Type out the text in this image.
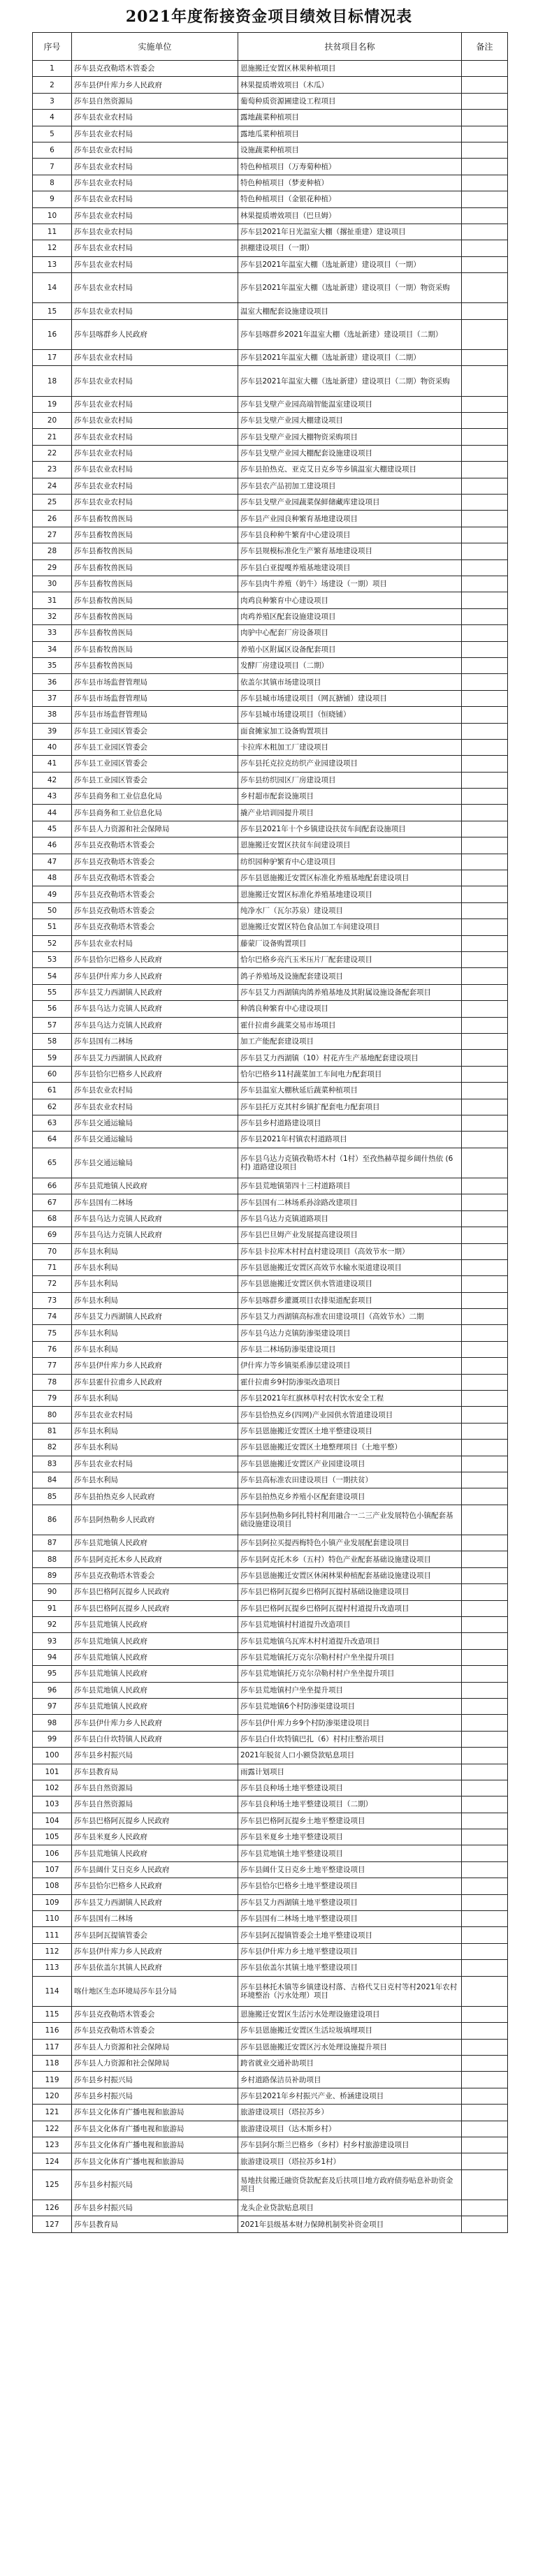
2021年度衔接资金项目绩效目标情况表
序号	实施单位	扶贫项目名称	备注
1	莎车县克孜勒塔木管委会	恩施搬迁安置区林果种植项目	
2	莎车县伊什库力乡人民政府	林果提质增效项目（木瓜）	
3	莎车县自然资源局	葡萄种质资源圃建设工程项目	
4	莎车县农业农村局	露地蔬菜种植项目	
5	莎车县农业农村局	露地瓜菜种植项目	
6	莎车县农业农村局	设施蔬菜种植项目	
7	莎车县农业农村局	特色种植项目（万寿菊种植）	
8	莎车县农业农村局	特色种植项目（梦麦种植）	
9	莎车县农业农村局	特色种植项目（金银花种植）	
10	莎车县农业农村局	林果提质增效项目（巴旦姆）	
11	莎车县农业农村局	莎车县2021年日光温室大棚（撂扯重建）建设项目	
12	莎车县农业农村局	拱棚建设项目（一期）	
13	莎车县农业农村局	莎车县2021年温室大棚（选址新建）建设项目（一期）	
14	莎车县农业农村局	莎车县2021年温室大棚（选址新建）建设项目（一期）物资采购	
15	莎车县农业农村局	温室大棚配套设施建设项目	
16	莎车县喀群乡人民政府	莎车县喀群乡2021年温室大棚（选址新建）建设项目（二期）	
17	莎车县农业农村局	莎车县2021年温室大棚（选址新建）建设项目（二期）	
18	莎车县农业农村局	莎车县2021年温室大棚（选址新建）建设项目（二期）物资采购	
19	莎车县农业农村局	莎车县戈壁产业园高端智能温室建设项目	
20	莎车县农业农村局	莎车县戈壁产业园大棚建设项目	
21	莎车县农业农村局	莎车县戈壁产业园大棚物资采购项目	
22	莎车县农业农村局	莎车县戈壁产业园大棚配套设施建设项目	
23	莎车县农业农村局	莎车县拍热克、亚克艾日克乡等乡镇温室大棚建设项目	
24	莎车县农业农村局	莎车县农产品初加工建设项目	
25	莎车县农业农村局	莎车县戈壁产业园蔬菜保鲜储藏库建设项目	
26	莎车县畜牧兽医局	莎车县产业园良种繁育基地建设项目	
27	莎车县畜牧兽医局	莎车县良种种牛繁育中心建设项目	
28	莎车县畜牧兽医局	莎车县规模标准化生产繁育基地建设项目	
29	莎车县畜牧兽医局	莎车县白亚提嘎养殖基地建设项目	
30	莎车县畜牧兽医局	莎车县肉牛养殖（奶牛）场建设（一期）项目	
31	莎车县畜牧兽医局	肉鸡良种繁育中心建设项目	
32	莎车县畜牧兽医局	肉鸡养殖区配套设施建设项目	
33	莎车县畜牧兽医局	肉驴中心配套厂房设备项目	
34	莎车县畜牧兽医局	养殖小区附属区设备配套项目	
35	莎车县畜牧兽医局	发酵厂房建设项目（二期）	
36	莎车县市场监督管理局	依盖尔其镇市场建设项目	
37	莎车县市场监督管理局	莎车县城市场建设项目（网瓦搪铺）建设项目	
38	莎车县市场监督管理局	莎车县城市场建设项目（恒晓铺）	
39	莎车县工业园区管委会	面食摊家加工设备购置项目	
40	莎车县工业园区管委会	卡拉库木粗加工厂建设项目	
41	莎车县工业园区管委会	莎车县托克拉克纺织产业园建设项目	
42	莎车县工业园区管委会	莎车县纺织园区厂房建设项目	
43	莎车县商务和工业信息化局	乡村超市配套设施项目	
44	莎车县商务和工业信息化局	撬产业培训园提升项目	
45	莎车县人力资源和社会保障局	莎车县2021年十个乡镇建设扶贫车间配套设施项目	
46	莎车县克孜勒塔木管委会	恩施搬迁安置区扶贫车间建设项目	
47	莎车县克孜勒塔木管委会	纺织园种驴繁育中心建设项目	
48	莎车县克孜勒塔木管委会	莎车县恩施搬迁安置区标准化养殖基地配套建设项目	
49	莎车县克孜勒塔木管委会	恩施搬迁安置区标准化养殖基地建设项目	
50	莎车县克孜勒塔木管委会	纯净水厂（瓦尔苏泉）建设项目	
51	莎车县克孜勒塔木管委会	恩施搬迁安置区特色食品加工车间建设项目	
52	莎车县农业农村局	藤蒙厂设备购置项目	
53	莎车县恰尔巴格乡人民政府	恰尔巴格乡亮汽玉米压片厂配套建设项目	
54	莎车县伊什库力乡人民政府	鸽子养殖场及设施配套建设项目	
55	莎车县艾力西湖镇人民政府	莎车县艾力西湖镇肉鸽养殖基地及其附属设施设备配套项目	
56	莎车县乌达力克镇人民政府	种鸽良种繁育中心建设项目	
57	莎车县乌达力克镇人民政府	霍什拉甫乡蔬菜交易市场项目	
58	莎车县国有二林场	加工产能配套建设项目	
59	莎车县艾力西湖镇人民政府	莎车县艾力西湖镇（10）村花卉生产基地配套建设项目	
60	莎车县恰尔巴格乡人民政府	恰尔巴格乡11村蔬菜加工车间电力配套项目	
61	莎车县农业农村局	莎车县温室大棚秋延后蔬菜种植项目	
62	莎车县农业农村局	莎车县托万克其村乡镇扩配套电力配套项目	
63	莎车县交通运输局	莎车县乡村道路建设项目	
64	莎车县交通运输局	莎车县2021年村镇农村道路项目	
65	莎车县交通运输局	莎车县乌达力克镇孜勒塔木村（1村）至孜热赫草提乡阔什热依 (6村) 道路建设项目	
66	莎车县荒地镇人民政府	莎车县荒地镇第四十三村道路项目	
67	莎车县国有二林场	莎车县国有二林场系孙涂路改建项目	
68	莎车县乌达力克镇人民政府	莎车县乌达力克镇道路项目	
69	莎车县乌达力克镇人民政府	莎车县巴旦姆产业发展提高建设项目	
70	莎车县水利局	莎车县卡拉库木村村直村建设项目（高效节水一期）	
71	莎车县水利局	莎车县恩施搬迁安置区高效节水输水渠道建设项目	
72	莎车县水利局	莎车县恩施搬迁安置区供水管道建设项目	
73	莎车县水利局	莎车县喀群乡灌溉项目农排渠道配套项目	
74	莎车县艾力西湖镇人民政府	莎车县艾力西湖镇高标准农田建设项目（高效节水）二期	
75	莎车县水利局	莎车县乌达力克镇防渗渠建设项目	
76	莎车县水利局	莎车县二林场防渗渠建设项目	
77	莎车县伊什库力乡人民政府	伊什库力等乡镇渠系渗层建设项目	
78	莎车县霍什拉甫乡人民政府	霍什拉甫乡9村防渗渠改造项目	
79	莎车县水利局	莎车县2021年红旗林草村农村饮水安全工程	
80	莎车县农业农村局	莎车县恰热克乡(四网)产业园供水管道建设项目	
81	莎车县水利局	莎车县恩施搬迁安置区土地平整建设项目	
82	莎车县水利局	莎车县恩施搬迁安置区土地整理项目（土地平整）	
83	莎车县农业农村局	莎车县恩施搬迁安置区产业园建设项目	
84	莎车县水利局	莎车县高标准农田建设项目（一期扶贫）	
85	莎车县拍热克乡人民政府	莎车县拍热克乡养殖小区配套建设项目	
86	莎车县阿热勒乡人民政府	莎车县阿热勒乡阿扎特村利用融合一二三产业发展特色小镇配套基础设施建设项目	
87	莎车县荒地镇人民政府	莎车县阿拉买提西梅特色小镇产业发展配套建设项目	
88	莎车县阿克托木乡人民政府	莎车县阿克托木乡（五村）特色产业配套基础设施建设项目	
89	莎车县克孜勒塔木管委会	莎车县恩施搬迁安置区休闲林果种植配套基础设施建设项目	
90	莎车县巴格阿瓦提乡人民政府	莎车县巴格阿瓦提乡巴格阿瓦提村基础设施建设项目	
91	莎车县巴格阿瓦提乡人民政府	莎车县巴格阿瓦提乡巴格阿瓦提村村道提升改造项目	
92	莎车县荒地镇人民政府	莎车县荒地镇村村道提升改造项目	
93	莎车县荒地镇人民政府	莎车县荒地镇乌瓦库木村村道提升改造项目	
94	莎车县荒地镇人民政府	莎车县荒地镇托万克尔尕勒村村户坐坐提升项目	
95	莎车县荒地镇人民政府	莎车县荒地镇托万克尔尕勒村村户坐坐提升项目	
96	莎车县荒地镇人民政府	莎车县荒地镇村户坐坐提升项目	
97	莎车县荒地镇人民政府	莎车县荒地镇6个村防渗渠建设项目	
98	莎车县伊什库力乡人民政府	莎车县伊什库力乡9个村防渗渠建设项目	
99	莎车县白什坎特镇人民政府	莎车县白什坎特镇巴扎（6）村村庄整治项目	
100	莎车县乡村振兴局	2021年脱贫人口小额贷款贴息项目	
101	莎车县教育局	雨露计划项目	
102	莎车县自然资源局	莎车县良种场土地平整建设项目	
103	莎车县自然资源局	莎车县良种场土地平整建设项目（二期）	
104	莎车县巴格阿瓦提乡人民政府	莎车县巴格阿瓦提乡土地平整建设项目	
105	莎车县米夏乡人民政府	莎车县米夏乡土地平整建设项目	
106	莎车县荒地镇人民政府	莎车县荒地镇土地平整建设项目	
107	莎车县阔什艾日克乡人民政府	莎车县阔什艾日克乡土地平整建设项目	
108	莎车县恰尔巴格乡人民政府	莎车县恰尔巴格乡土地平整建设项目	
109	莎车县艾力西湖镇人民政府	莎车县艾力西湖镇土地平整建设项目	
110	莎车县国有二林场	莎车县国有二林场土地平整建设项目	
111	莎车县阿瓦提镇管委会	莎车县阿瓦提镇管委会土地平整建设项目	
112	莎车县伊什库力乡人民政府	莎车县伊什库力乡土地平整建设项目	
113	莎车县依盖尔其镇人民政府	莎车县依盖尔其镇土地平整建设项目	
114	喀什地区生态环境局莎车县分局	莎车县林托木镇等乡镇建设村落、吉格代艾日克村等村2021年农村环境整治（污水处理）项目	
115	莎车县克孜勒塔木管委会	恩施搬迁安置区生活污水处理设施建设项目	
116	莎车县克孜勒塔木管委会	莎车县恩施搬迁安置区生活垃圾填埋项目	
117	莎车县人力资源和社会保障局	莎车县恩施搬迁安置区污水处理设施提升项目	
118	莎车县人力资源和社会保障局	跨省就业交通补助项目	
119	莎车县乡村振兴局	乡村道路保洁员补助项目	
120	莎车县乡村振兴局	莎车县2021年乡村振兴产业、桥涵建设项目	
121	莎车县文化体育广播电视和旅游局	旅游建设项目（塔拉苏乡）	
122	莎车县文化体育广播电视和旅游局	旅游建设项目（达木斯乡村）	
123	莎车县文化体育广播电视和旅游局	莎车县阿尔斯兰巴格乡（乡村）村乡村旅游建设项目	
124	莎车县文化体育广播电视和旅游局	旅游建设项目（塔拉苏乡1村）	
125	莎车县乡村振兴局	易地扶贫搬迁融资贷款配套及后扶项目地方政府债券贴息补助资金项目	
126	莎车县乡村振兴局	龙头企业贷款贴息项目	
127	莎车县教育局	2021年县级基本财力保障机制奖补资金项目	
